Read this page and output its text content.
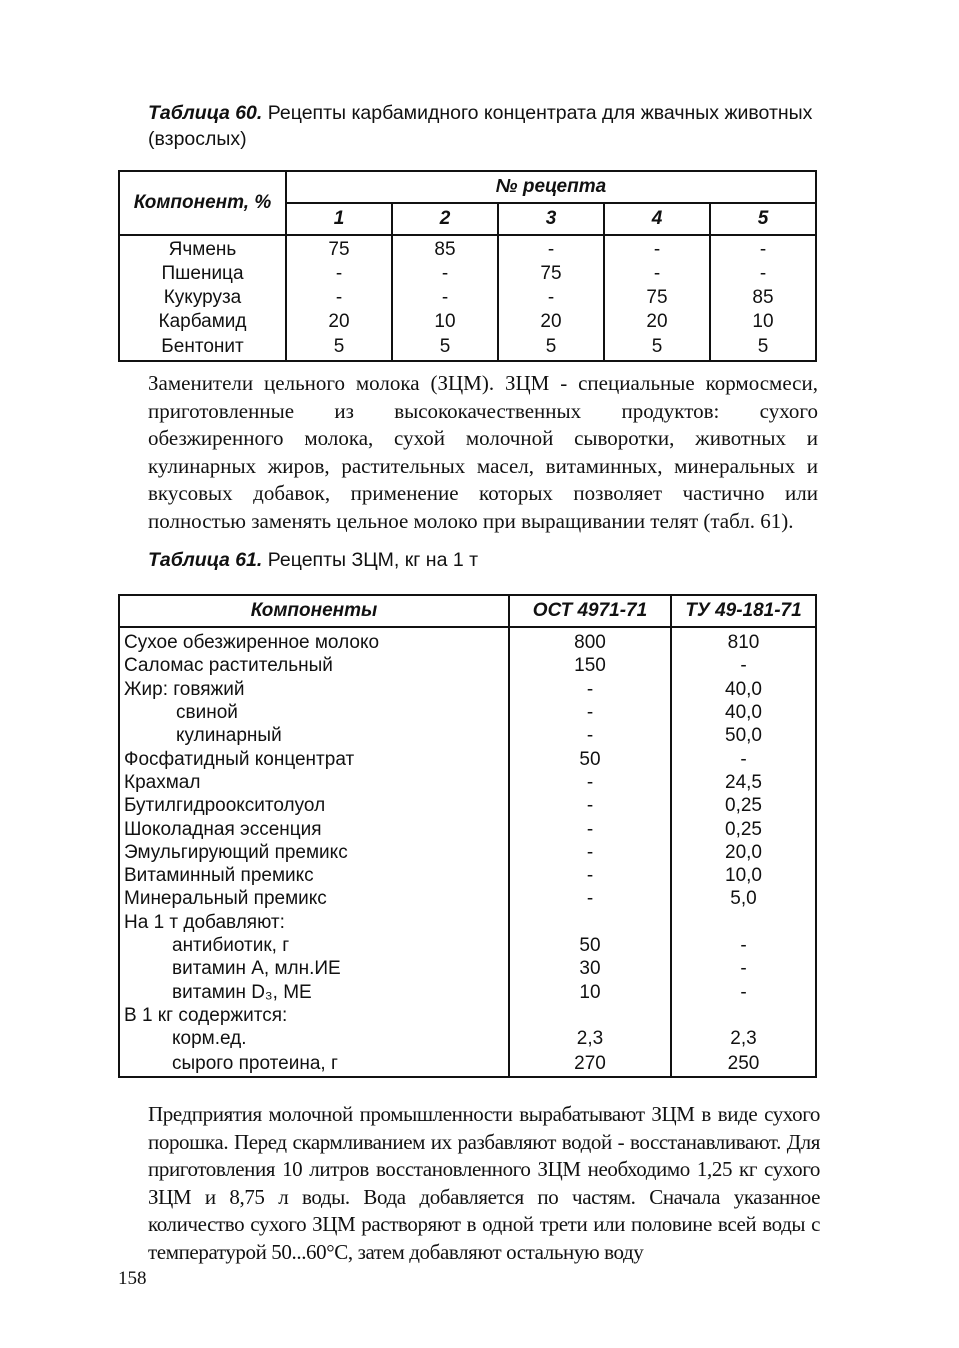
Таблица 60. Рецепты карбамидного концентрата для жвачных животных (взрослых)
Компонент, %	№ рецепта				
	1	2	3	4	5
Ячмень	75	85	-	-	-
Пшеница	-	-	75	-	-
Кукуруза	-	-	-	75	85
Карбамид	20	10	20	20	10
Бентонит	5	5	5	5	5
Заменители цельного молока (ЗЦМ). ЗЦМ - специальные кормосмеси, приготовленные из высококачественных продуктов: сухого обезжиренного молока, сухой молочной сыворотки, животных и кулинарных жиров, растительных масел, витаминных, минеральных и вкусовых добавок, применение которых позволяет частично или полностью заменять цельное молоко при выращивании телят (табл. 61).
Таблица 61. Рецепты ЗЦМ, кг на 1 т
Компоненты	ОСТ 4971-71	ТУ 49-181-71
Сухое обезжиренное молоко	800	810
Саломас растительный	150	-
Жир: говяжий	-	40,0
свиной	-	40,0
кулинарный	-	50,0
Фосфатидный концентрат	50	-
Крахмал	-	24,5
Бутилгидроокситолуол	-	0,25
Шоколадная эссенция	-	0,25
Эмульгирующий премикс	-	20,0
Витаминный премикс	-	10,0
Минеральный премикс	-	5,0
На 1 т добавляют:		
антибиотик, г	50	-
витамин А, млн.ИЕ	30	-
витамин D₃, МЕ	10	-
В 1 кг содержится:		
корм.ед.	2,3	2,3
сырого протеина, г	270	250
Предприятия молочной промышленности вырабатывают ЗЦМ в виде сухого порошка. Перед скармливанием их разбавляют водой - восстанавливают. Для приготовления 10 литров восстановленного ЗЦМ необходимо 1,25 кг сухого ЗЦМ и 8,75 л воды. Вода добавляется по частям. Сначала указанное количество сухого ЗЦМ растворяют в одной трети или половине всей воды с температурой 50...60°С, затем добавляют остальную воду
158
